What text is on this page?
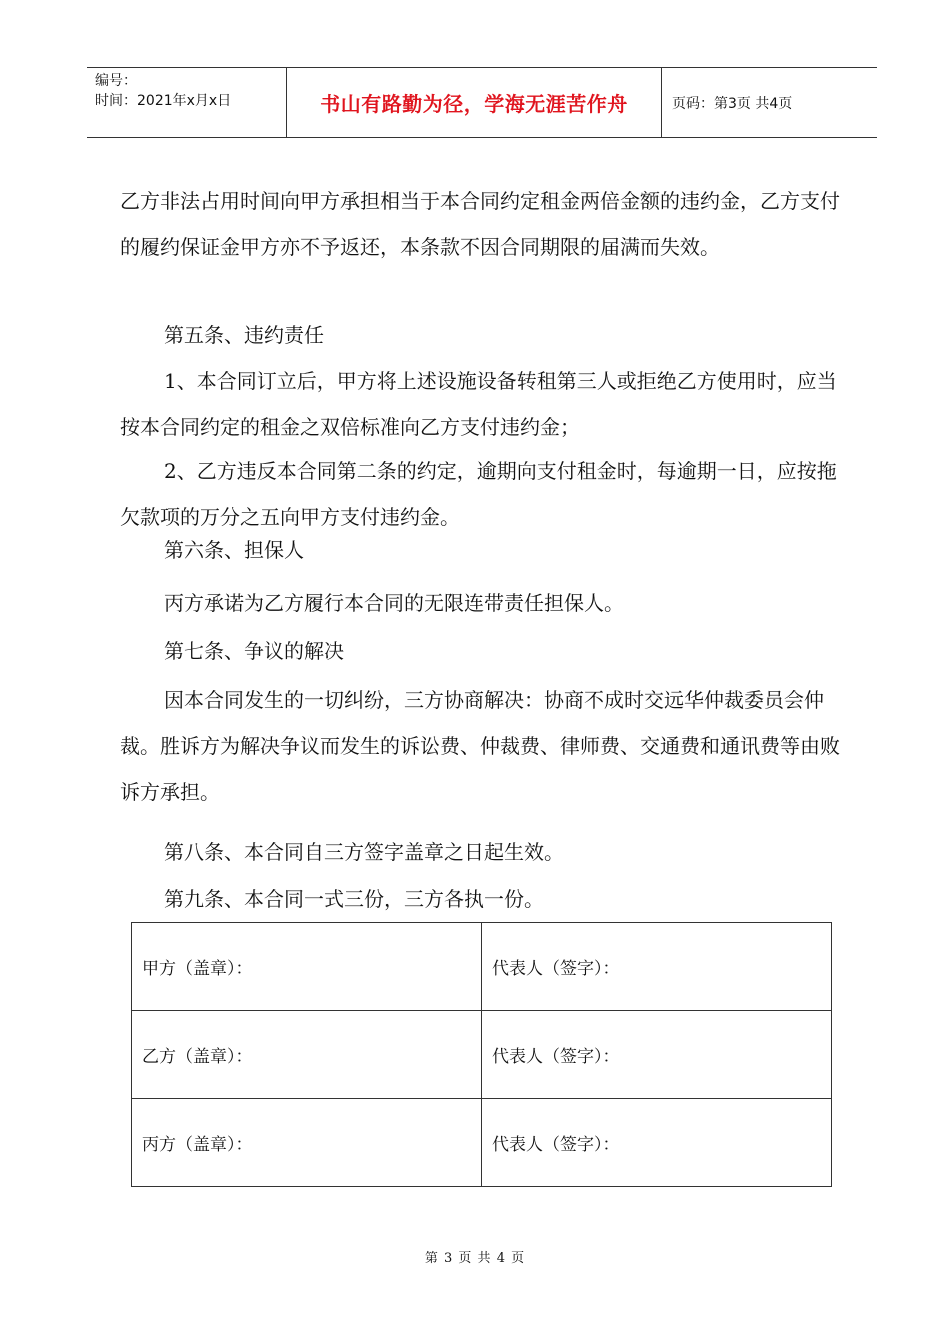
编号：
时间：2021年x月x日	书山有路勤为径，学海无涯苦作舟	页码：第3页 共4页

乙方非法占用时间向甲方承担相当于本合同约定租金两倍金额的违约金，乙方支付的履约保证金甲方亦不予返还，本条款不因合同期限的届满而失效。

第五条、违约责任

1、本合同订立后，甲方将上述设施设备转租第三人或拒绝乙方使用时，应当按本合同约定的租金之双倍标准向乙方支付违约金；

2、乙方违反本合同第二条的约定，逾期向支付租金时，每逾期一日，应按拖欠款项的万分之五向甲方支付违约金。

第六条、担保人

丙方承诺为乙方履行本合同的无限连带责任担保人。

第七条、争议的解决

因本合同发生的一切纠纷，三方协商解决：协商不成时交远华仲裁委员会仲裁。胜诉方为解决争议而发生的诉讼费、仲裁费、律师费、交通费和通讯费等由败诉方承担。

第八条、本合同自三方签字盖章之日起生效。

第九条、本合同一式三份，三方各执一份。

甲方（盖章）：	代表人（签字）：
乙方（盖章）：	代表人（签字）：
丙方（盖章）：	代表人（签字）：
第 3 页 共 4 页
